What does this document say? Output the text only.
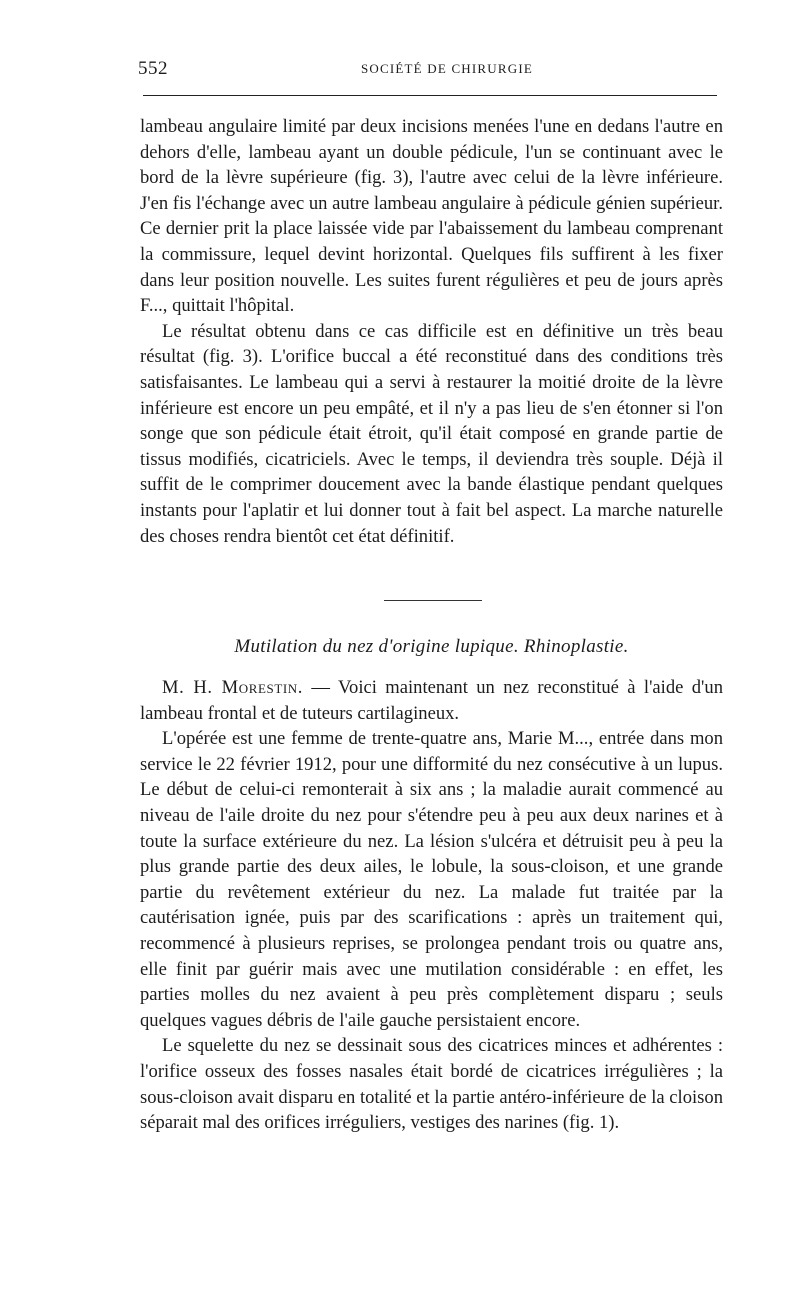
552	SOCIÉTÉ DE CHIRURGIE

lambeau angulaire limité par deux incisions menées l'une en dedans l'autre en dehors d'elle, lambeau ayant un double pédicule, l'un se continuant avec le bord de la lèvre supérieure (fig. 3), l'autre avec celui de la lèvre inférieure. J'en fis l'échange avec un autre lambeau angulaire à pédicule génien supérieur. Ce dernier prit la place laissée vide par l'abaissement du lambeau comprenant la commissure, lequel devint horizontal. Quelques fils suffirent à les fixer dans leur position nouvelle. Les suites furent régulières et peu de jours après F..., quittait l'hôpital.

Le résultat obtenu dans ce cas difficile est en définitive un très beau résultat (fig. 3). L'orifice buccal a été reconstitué dans des conditions très satisfaisantes. Le lambeau qui a servi à restaurer la moitié droite de la lèvre inférieure est encore un peu empâté, et il n'y a pas lieu de s'en étonner si l'on songe que son pédicule était étroit, qu'il était composé en grande partie de tissus modifiés, cicatriciels. Avec le temps, il deviendra très souple. Déjà il suffit de le comprimer doucement avec la bande élastique pendant quelques instants pour l'aplatir et lui donner tout à fait bel aspect. La marche naturelle des choses rendra bientôt cet état définitif.

Mutilation du nez d'origine lupique. Rhinoplastie.

M. H. Morestin. — Voici maintenant un nez reconstitué à l'aide d'un lambeau frontal et de tuteurs cartilagineux.

L'opérée est une femme de trente-quatre ans, Marie M..., entrée dans mon service le 22 février 1912, pour une difformité du nez consécutive à un lupus. Le début de celui-ci remonterait à six ans ; la maladie aurait commencé au niveau de l'aile droite du nez pour s'étendre peu à peu aux deux narines et à toute la surface extérieure du nez. La lésion s'ulcéra et détruisit peu à peu la plus grande partie des deux ailes, le lobule, la sous-cloison, et une grande partie du revêtement extérieur du nez. La malade fut traitée par la cautérisation ignée, puis par des scarifications : après un traitement qui, recommencé à plusieurs reprises, se prolongea pendant trois ou quatre ans, elle finit par guérir mais avec une mutilation considérable : en effet, les parties molles du nez avaient à peu près complètement disparu ; seuls quelques vagues débris de l'aile gauche persistaient encore.

Le squelette du nez se dessinait sous des cicatrices minces et adhérentes : l'orifice osseux des fosses nasales était bordé de cicatrices irrégulières ; la sous-cloison avait disparu en totalité et la partie antéro-inférieure de la cloison séparait mal des orifices irréguliers, vestiges des narines (fig. 1).
